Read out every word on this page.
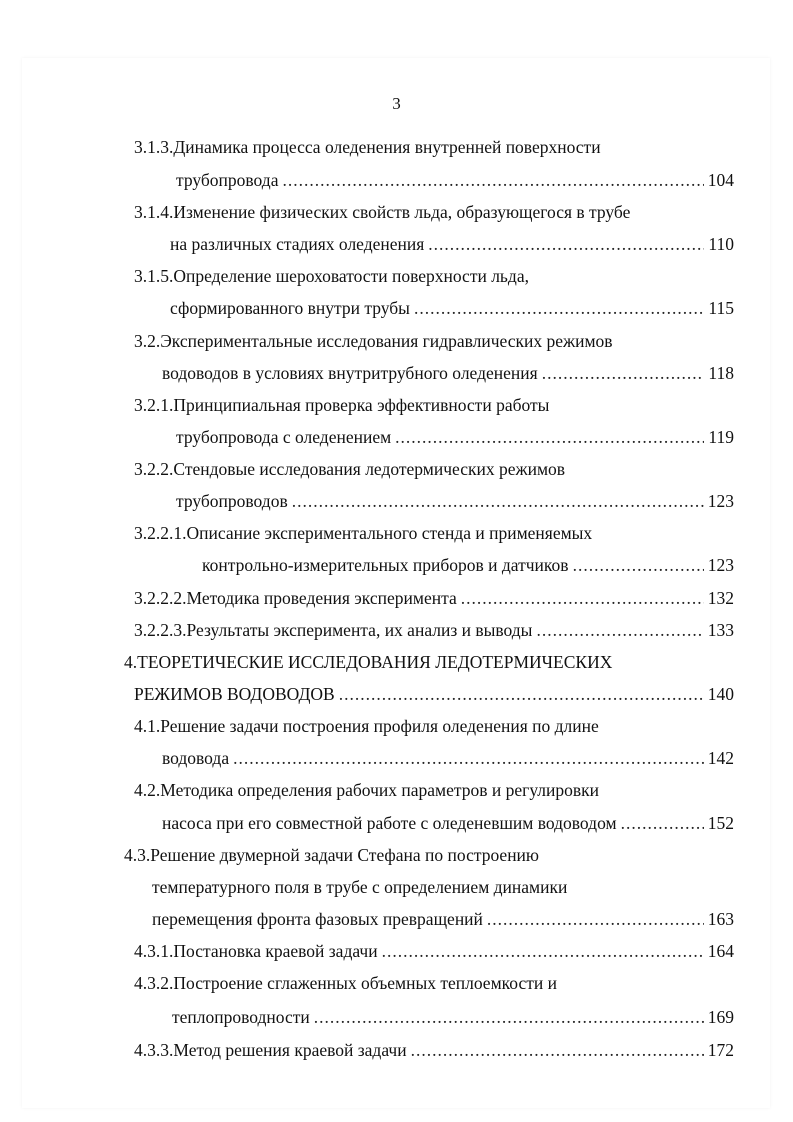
3
3.1.3.Динамика процесса оледенения внутренней поверхности
трубопровода .....	104
3.1.4.Изменение физических свойств льда, образующегося в трубе
на различных стадиях оледенения .....	110
3.1.5.Определение шероховатости поверхности льда,
сформированного внутри трубы .....	115
3.2.Экспериментальные исследования гидравлических режимов
водоводов в условиях внутритрубного оледенения .....	118
3.2.1.Принципиальная проверка эффективности работы
трубопровода с оледенением .....	119
3.2.2.Стендовые исследования ледотермических режимов
трубопроводов .....	123
3.2.2.1.Описание экспериментального стенда и применяемых
контрольно-измерительных приборов и датчиков .....	123
3.2.2.2.Методика проведения эксперимента .....	132
3.2.2.3.Результаты эксперимента, их анализ и выводы .....	133
4.ТЕОРЕТИЧЕСКИЕ ИССЛЕДОВАНИЯ ЛЕДОТЕРМИЧЕСКИХ
РЕЖИМОВ ВОДОВОДОВ .....	140
4.1.Решение задачи построения профиля оледенения по длине
водовода .....	142
4.2.Методика определения рабочих параметров и регулировки
насоса при его совместной работе с оледеневшим водоводом .....	152
4.3.Решение двумерной задачи Стефана по построению
температурного поля в трубе с определением динамики
перемещения фронта фазовых превращений .....	163
4.3.1.Постановка краевой задачи .....	164
4.3.2.Построение сглаженных объемных теплоемкости и
теплопроводности .....	169
4.3.3.Метод решения краевой задачи .....	172
